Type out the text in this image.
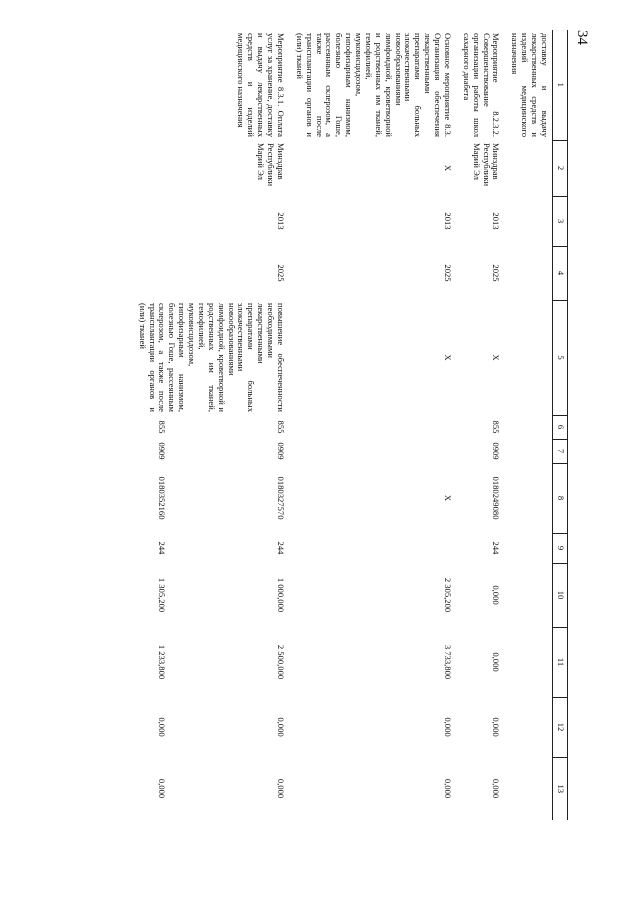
34
1	2	3	4	5	6	7	8	9	10	11	12	13
доставку и выдачу лекарственных средств и изделий медицинского назначения												
Мероприятие 8.2.3.2. Совершенствование организации работы школ сахарного диабета	Минздрав Республики Марий Эл	2013	2025	X	855	0909	0180249080	244	0,000	0,000	0,000	0,000
Основное мероприятие 8.3. Организация обеспечения лекарственными препаратами больных злокачественными новообразованиями лимфоидной, кроветворной и родственных им тканей, гемофилией, муковисцидозом, гипофизарным нанизмом, болезнью Гоше, рассеянным склерозом, а также после трансплантации органов и (или) тканей	X	2013	2025	X			X		2 305,200	3 733,800	0,000	0,000
Мероприятие 8.3.1. Оплата услуг за хранение, доставку и выдачу лекарственных средств и изделий медицинского назначения	Минздрав Республики Марий Эл	2013	2025	повышение обеспеченности необходимыми лекарственными препаратами больных злокачественными новообразованиями лимфоидной, кроветворной и родственных им тканей, гемофилией, муковисцидозом, гипофизарным нанизмом, болезнью Гоше, рассеянным склерозом, а также после трансплантации органов и (или) тканей	855	0909	0180327570	244	1 000,000	2 500,000	0,000	0,000
					855	0909	0180352160	244	1 305,200	1 233,800	0,000	0,000
